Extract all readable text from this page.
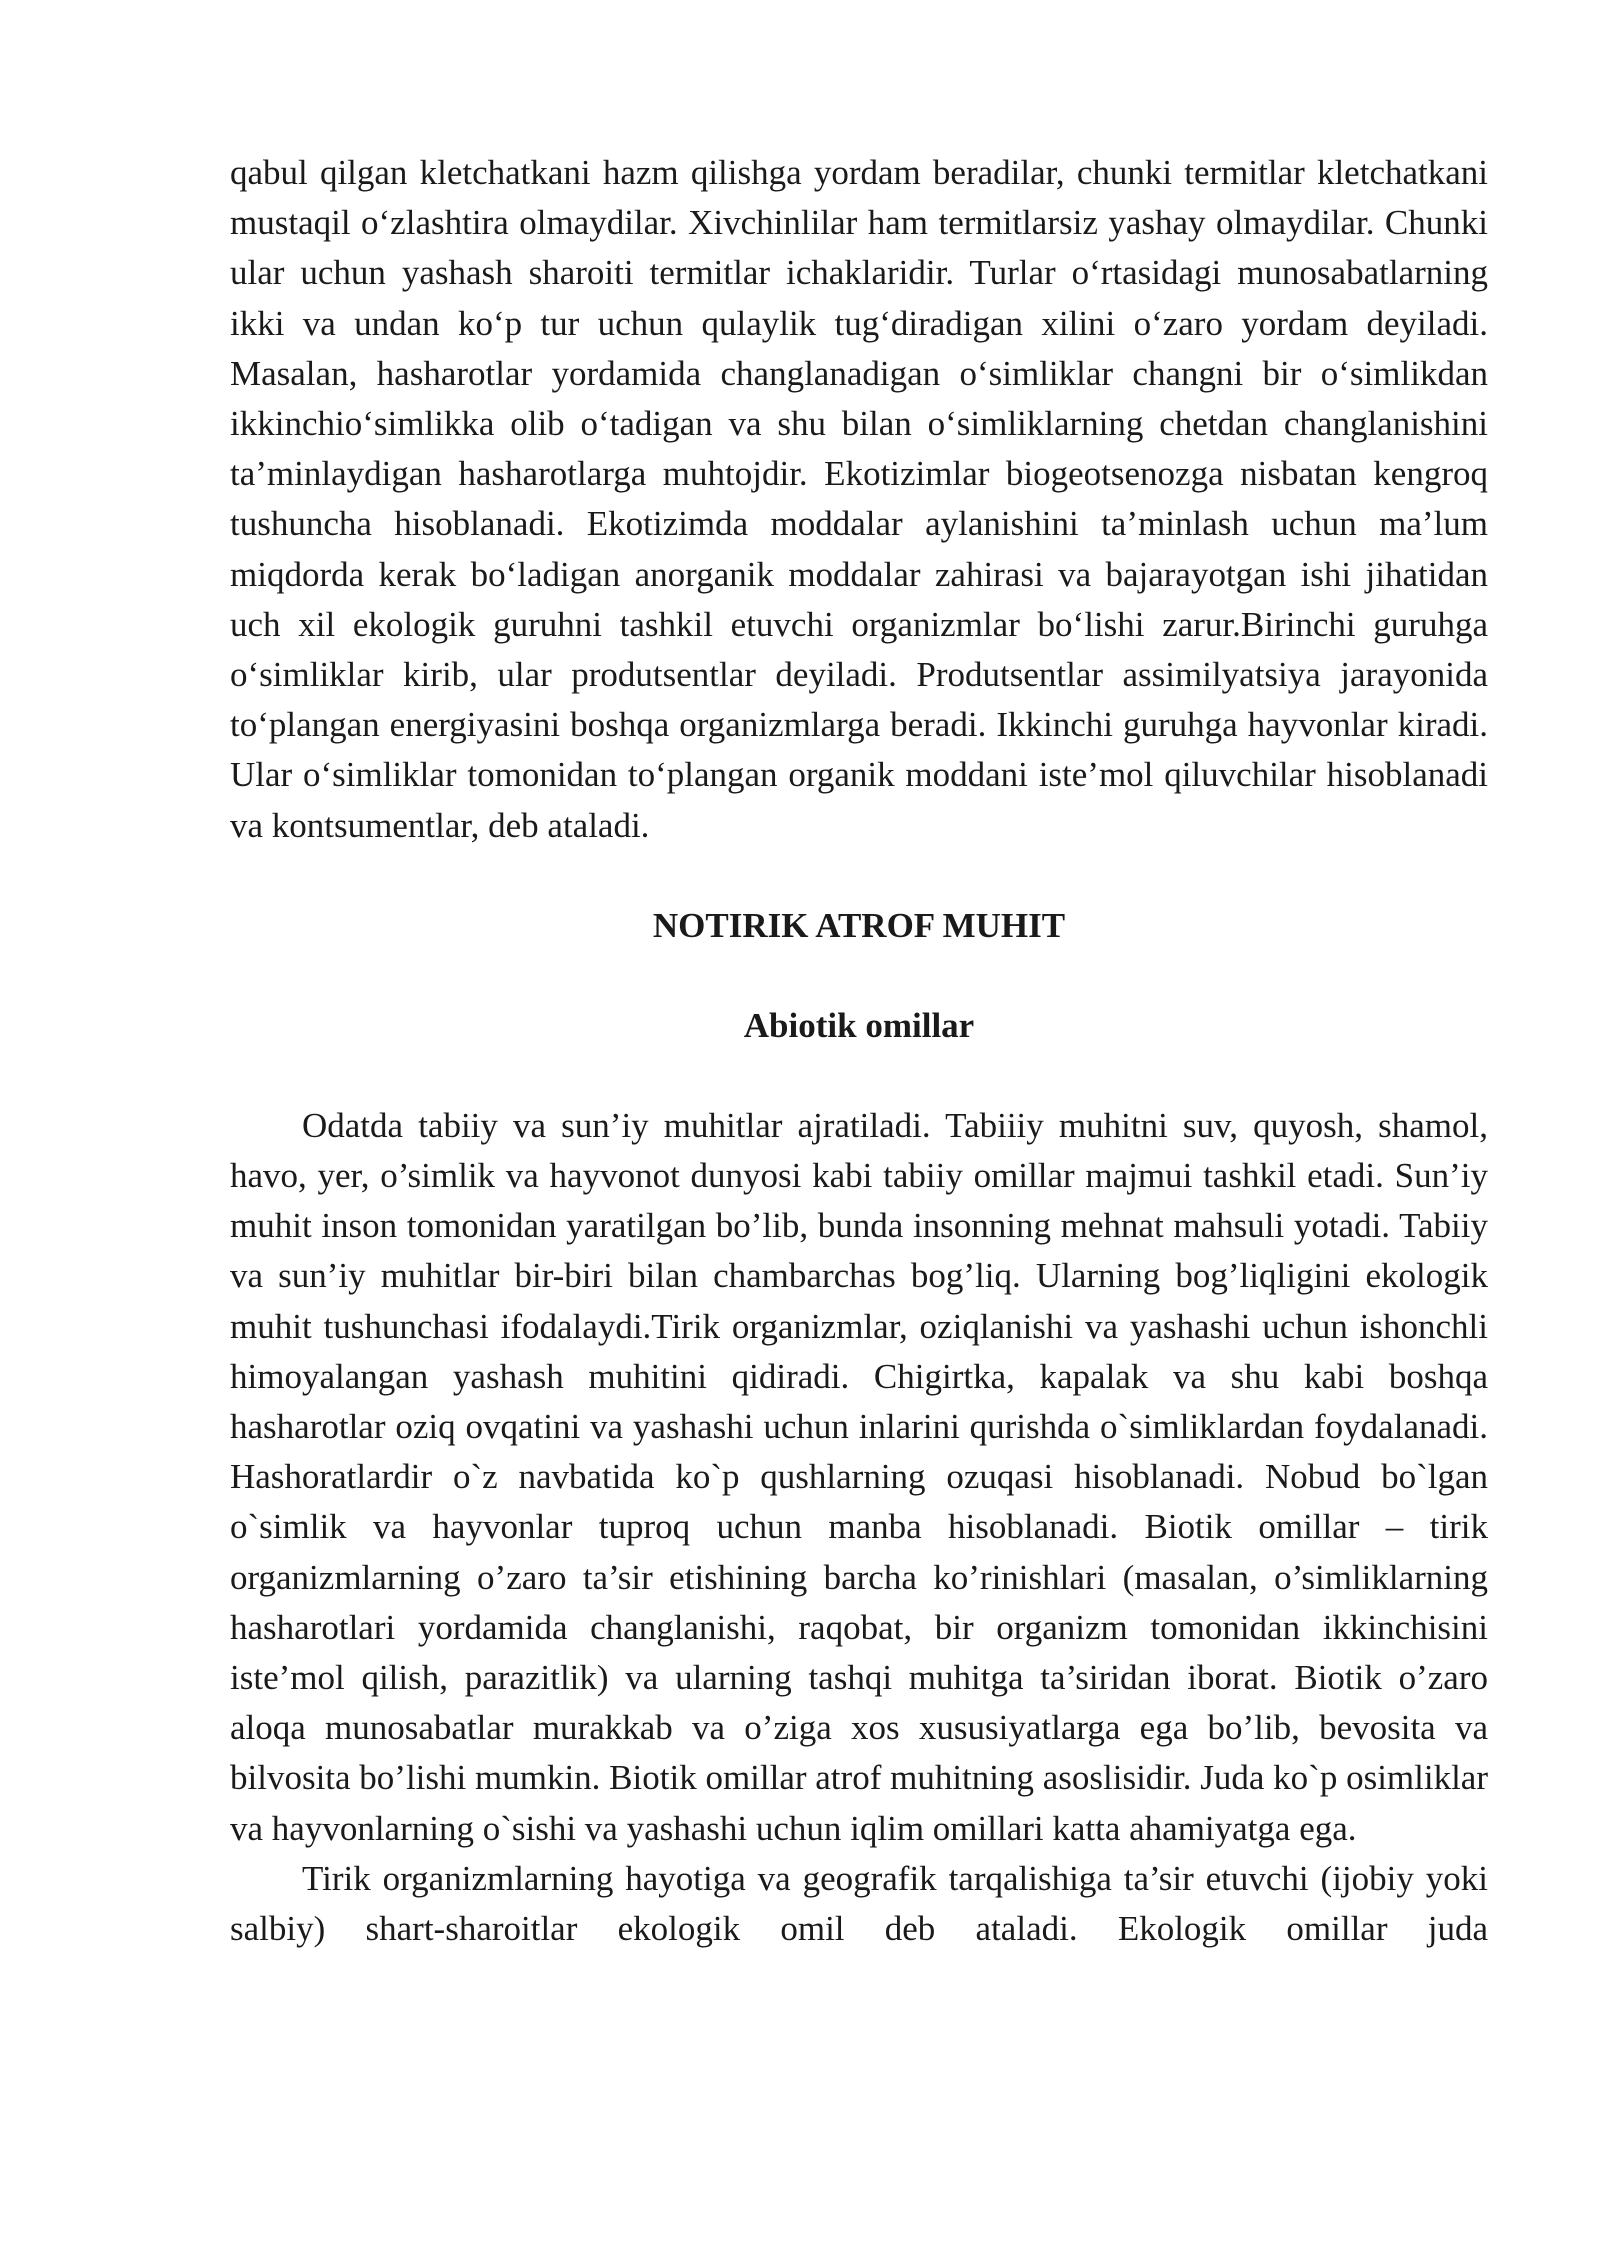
qabul qilgan kletchatkani hazm qilishga yordam beradilar, chunki termitlar kletchatkani mustaqil o‘zlashtira olmaydilar. Xivchinlilar ham termitlarsiz yashay olmaydilar. Chunki ular uchun yashash sharoiti termitlar ichaklaridir. Turlar o‘rtasidagi munosabatlarning ikki va undan ko‘p tur uchun qulaylik tug‘diradigan xilini o‘zaro yordam deyiladi. Masalan, hasharotlar yordamida changlanadigan o‘simliklar changni bir o‘simlikdan ikkinchio‘simlikka olib o‘tadigan va shu bilan o‘simliklarning chetdan changlanishini ta’minlaydigan hasharotlarga muhtojdir. Ekotizimlar biogeotsenozga nisbatan kengroq tushuncha hisoblanadi. Ekotizimda moddalar aylanishini ta’minlash uchun ma’lum miqdorda kerak bo‘ladigan anorganik moddalar zahirasi va bajarayotgan ishi jihatidan uch xil ekologik guruhni tashkil etuvchi organizmlar bo‘lishi zarur.Birinchi guruhga o‘simliklar kirib, ular produtsentlar deyiladi. Produtsentlar assimilyatsiya jarayonida to‘plangan energiyasini boshqa organizmlarga beradi. Ikkinchi guruhga hayvonlar kiradi. Ular o‘simliklar tomonidan to‘plangan organik moddani iste’mol qiluvchilar hisoblanadi va kontsumentlar, deb ataladi.

NOTIRIK ATROF MUHIT
Abiotik omillar

Odatda tabiiy va sun’iy muhitlar ajratiladi. Tabiiiy muhitni suv, quyosh, shamol, havo, yer, o’simlik va hayvonot dunyosi kabi tabiiy omillar majmui tashkil etadi. Sun’iy muhit inson tomonidan yaratilgan bo’lib, bunda insonning mehnat mahsuli yotadi. Tabiiy va sun’iy muhitlar bir-biri bilan chambarchas bog’liq. Ularning bog’liqligini ekologik muhit tushunchasi ifodalaydi.Tirik organizmlar, oziqlanishi va yashashi uchun ishonchli himoyalangan yashash muhitini qidiradi. Chigirtka, kapalak va shu kabi boshqa hasharotlar oziq ovqatini va yashashi uchun inlarini qurishda o`simliklardan foydalanadi. Hashoratlardir o`z navbatida ko`p qushlarning ozuqasi hisoblanadi. Nobud bo`lgan o`simlik va hayvonlar tuproq uchun manba hisoblanadi. Biotik omillar – tirik organizmlarning o’zaro ta’sir etishining barcha ko’rinishlari (masalan, o’simliklarning hasharotlari yordamida changlanishi, raqobat, bir organizm tomonidan ikkinchisini iste’mol qilish, parazitlik) va ularning tashqi muhitga ta’siridan iborat. Biotik o’zaro aloqa munosabatlar murakkab va o’ziga xos xususiyatlarga ega bo’lib, bevosita va bilvosita bo’lishi mumkin. Biotik omillar atrof muhitning asoslisidir. Juda ko`p osimliklar va hayvonlarning o`sishi va yashashi uchun iqlim omillari katta ahamiyatga ega.

Tirik organizmlarning hayotiga va geografik tarqalishiga ta’sir etuvchi (ijobiy yoki salbiy) shart-sharoitlar ekologik omil deb ataladi. Ekologik omillar juda
